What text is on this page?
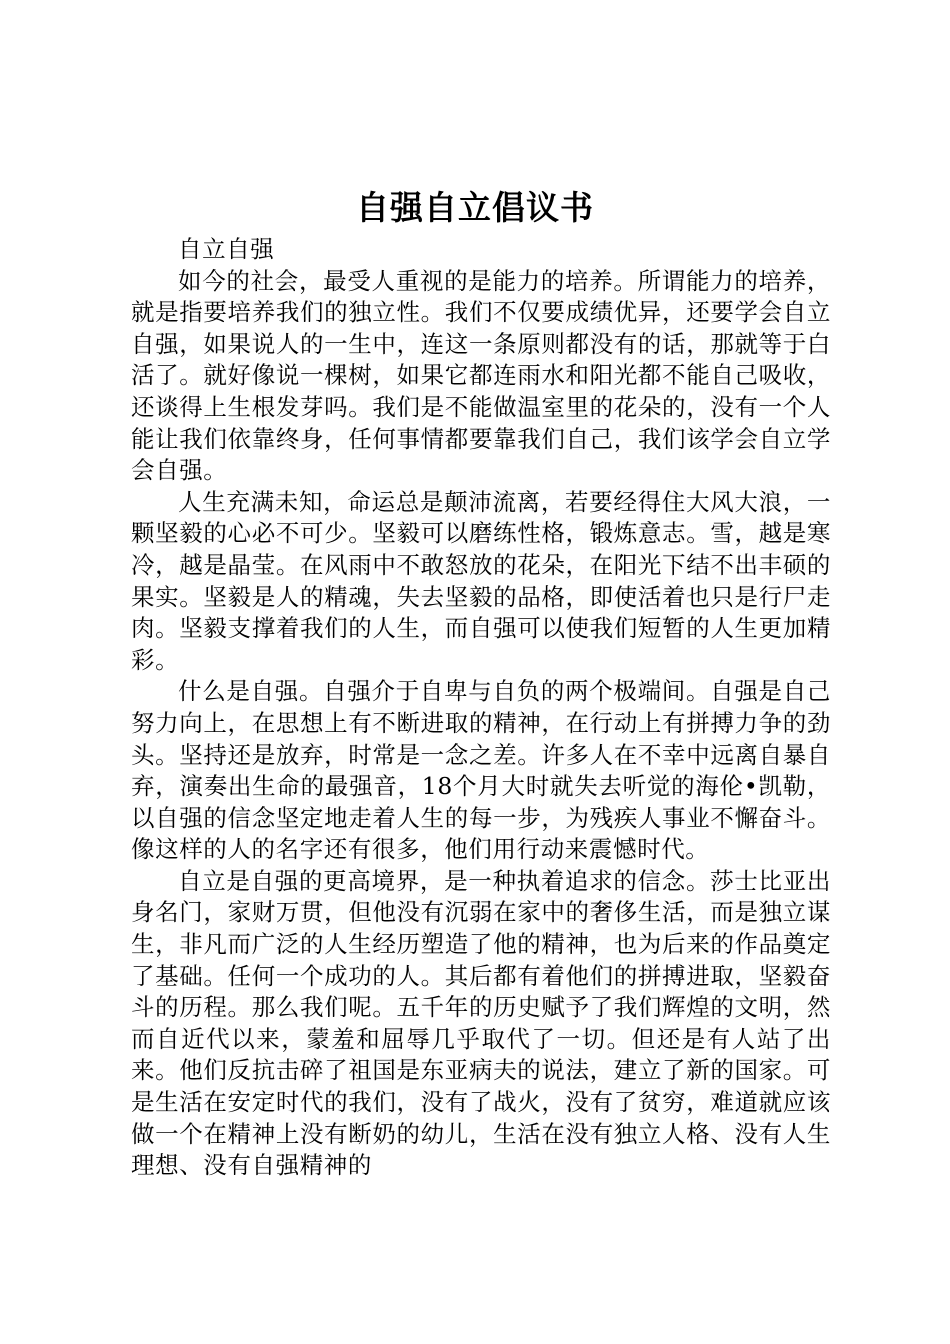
自强自立倡议书

自立自强

如今的社会，最受人重视的是能力的培养。所谓能力的培养，就是指要培养我们的独立性。我们不仅要成绩优异，还要学会自立自强，如果说人的一生中，连这一条原则都没有的话，那就等于白活了。就好像说一棵树，如果它都连雨水和阳光都不能自己吸收，还谈得上生根发芽吗。我们是不能做温室里的花朵的，没有一个人能让我们依靠终身，任何事情都要靠我们自己，我们该学会自立学会自强。

人生充满未知，命运总是颠沛流离，若要经得住大风大浪，一颗坚毅的心必不可少。坚毅可以磨练性格，锻炼意志。雪，越是寒冷，越是晶莹。在风雨中不敢怒放的花朵，在阳光下结不出丰硕的果实。坚毅是人的精魂，失去坚毅的品格，即使活着也只是行尸走肉。坚毅支撑着我们的人生，而自强可以使我们短暂的人生更加精彩。

什么是自强。自强介于自卑与自负的两个极端间。自强是自己努力向上，在思想上有不断进取的精神，在行动上有拼搏力争的劲头。坚持还是放弃，时常是一念之差。许多人在不幸中远离自暴自弃，演奏出生命的最强音，18个月大时就失去听觉的海伦•凯勒，以自强的信念坚定地走着人生的每一步，为残疾人事业不懈奋斗。像这样的人的名字还有很多，他们用行动来震憾时代。

自立是自强的更高境界，是一种执着追求的信念。莎士比亚出身名门，家财万贯，但他没有沉弱在家中的奢侈生活，而是独立谋生，非凡而广泛的人生经历塑造了他的精神，也为后来的作品奠定了基础。任何一个成功的人。其后都有着他们的拼搏进取，坚毅奋斗的历程。那么我们呢。五千年的历史赋予了我们辉煌的文明，然而自近代以来，蒙羞和屈辱几乎取代了一切。但还是有人站了出来。他们反抗击碎了祖国是东亚病夫的说法，建立了新的国家。可是生活在安定时代的我们，没有了战火，没有了贫穷，难道就应该做一个在精神上没有断奶的幼儿，生活在没有独立人格、没有人生理想、没有自强精神的
